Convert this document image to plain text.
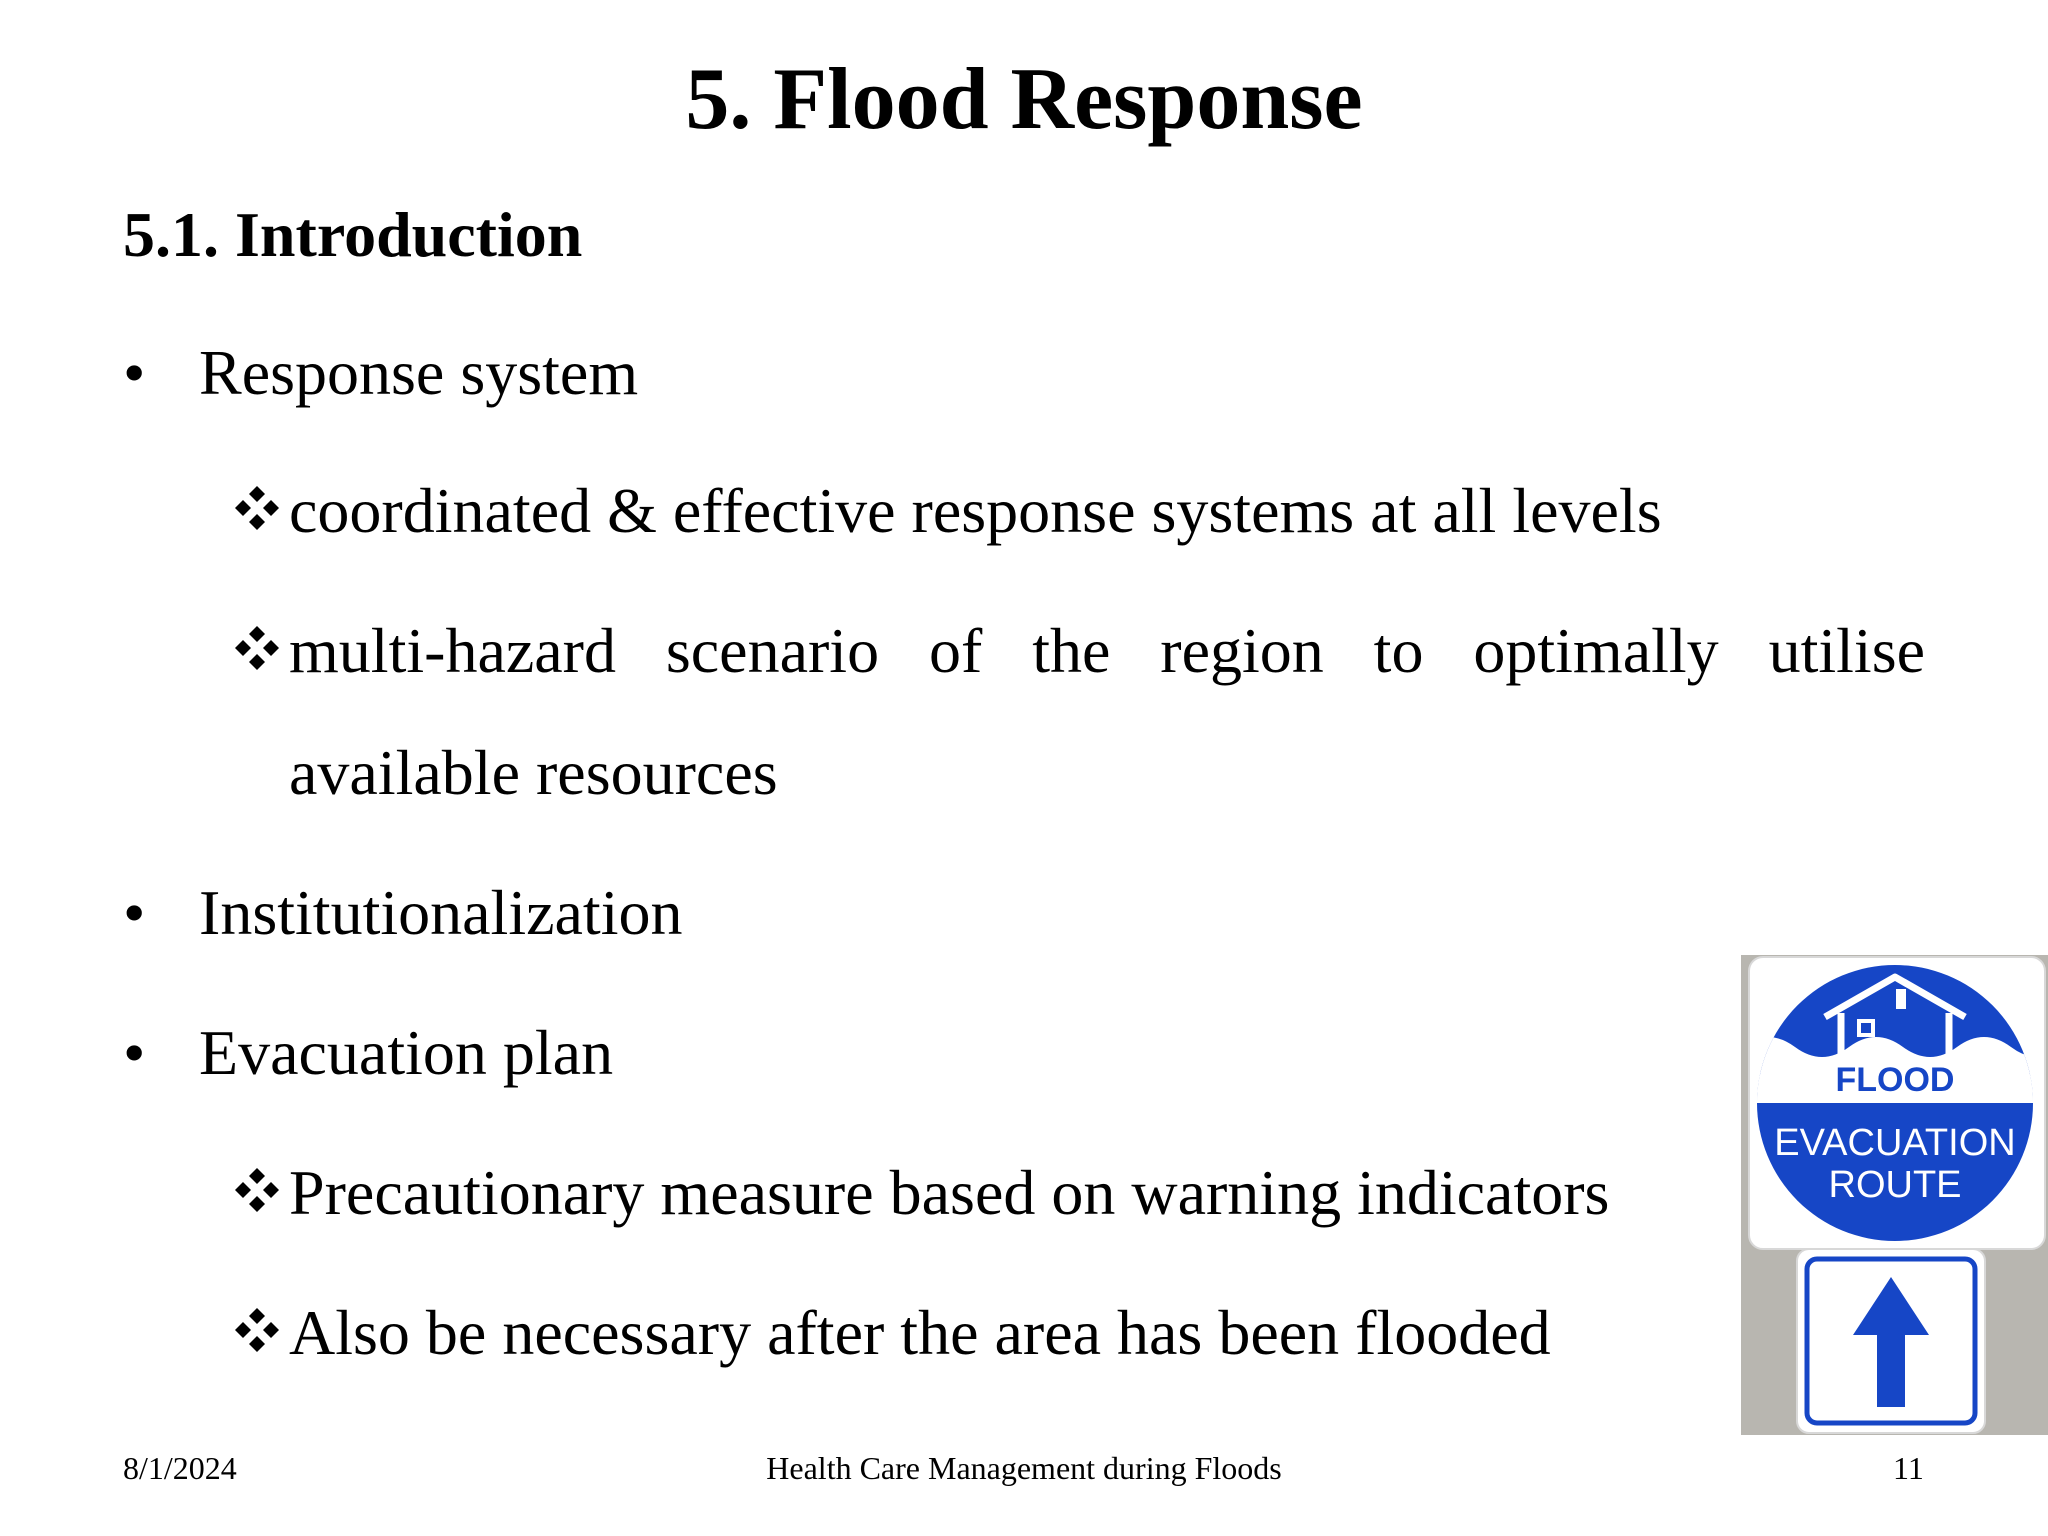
5. Flood Response
5.1. Introduction
• Response system
coordinated & effective response systems at all levels
multi-hazard scenario of the region to optimally utilise
available resources
• Institutionalization
• Evacuation plan
Precautionary measure based on warning indicators
Also be necessary after the area has been flooded
FLOOD
EVACUATION
ROUTE
8/1/2024	Health Care Management during Floods	11
